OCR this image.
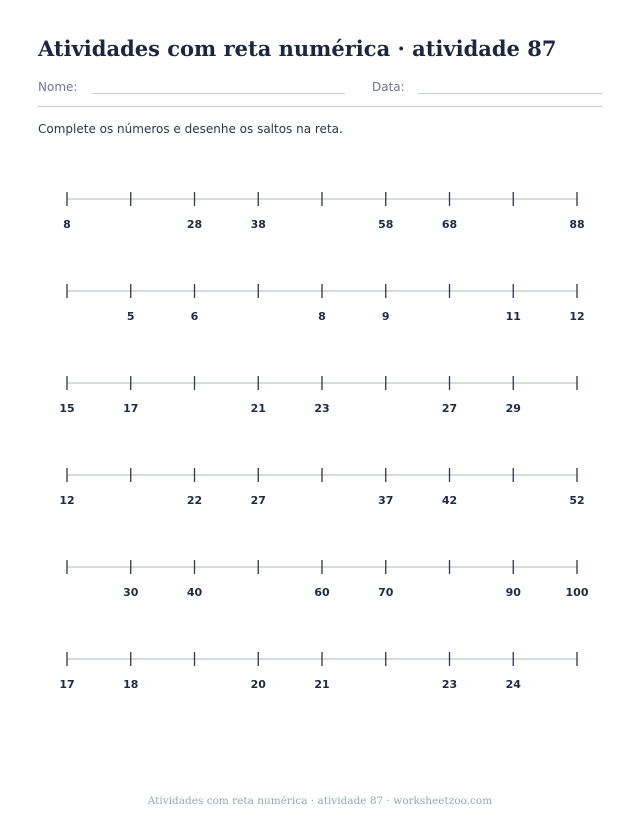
Atividades com reta numérica · atividade 87
Nome:	Data:
Complete os números e desenhe os saltos na reta.
8	28	38	58	68	88
5	6	8	9	11	12
15	17	21	23	27	29
12	22	27	37	42	52
30	40	60	70	90	100
17	18	20	21	23	24
Atividades com reta numérica · atividade 87 · worksheetzoo.com
